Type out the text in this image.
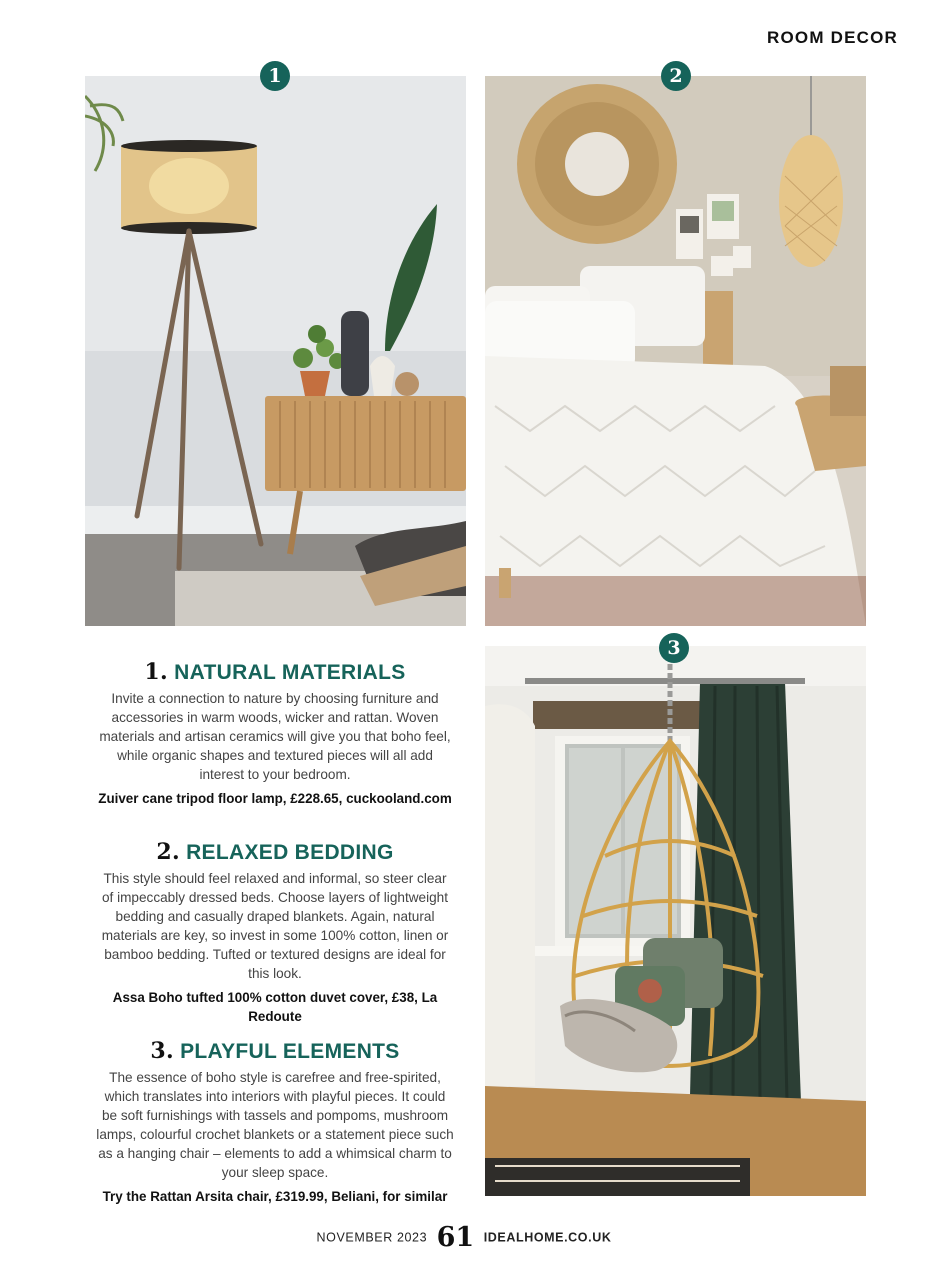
ROOM DECOR
1	2
3
1. NATURAL MATERIALS

Invite a connection to nature by choosing furniture and accessories in warm woods, wicker and rattan. Woven materials and artisan ceramics will give you that boho feel, while organic shapes and textured pieces will all add interest to your bedroom.

Zuiver cane tripod floor lamp, £228.65, cuckooland.com

2. RELAXED BEDDING

This style should feel relaxed and informal, so steer clear of impeccably dressed beds. Choose layers of lightweight bedding and casually draped blankets. Again, natural materials are key, so invest in some 100% cotton, linen or bamboo bedding. Tufted or textured designs are ideal for this look.

Assa Boho tufted 100% cotton duvet cover, £38, La Redoute

3. PLAYFUL ELEMENTS

The essence of boho style is carefree and free-spirited, which translates into interiors with playful pieces. It could be soft furnishings with tassels and pompoms, mushroom lamps, colourful crochet blankets or a statement piece such as a hanging chair – elements to add a whimsical charm to your sleep space.

Try the Rattan Arsita chair, £319.99, Beliani, for similar

NOVEMBER 2023 61 IDEALHOME.CO.UK
